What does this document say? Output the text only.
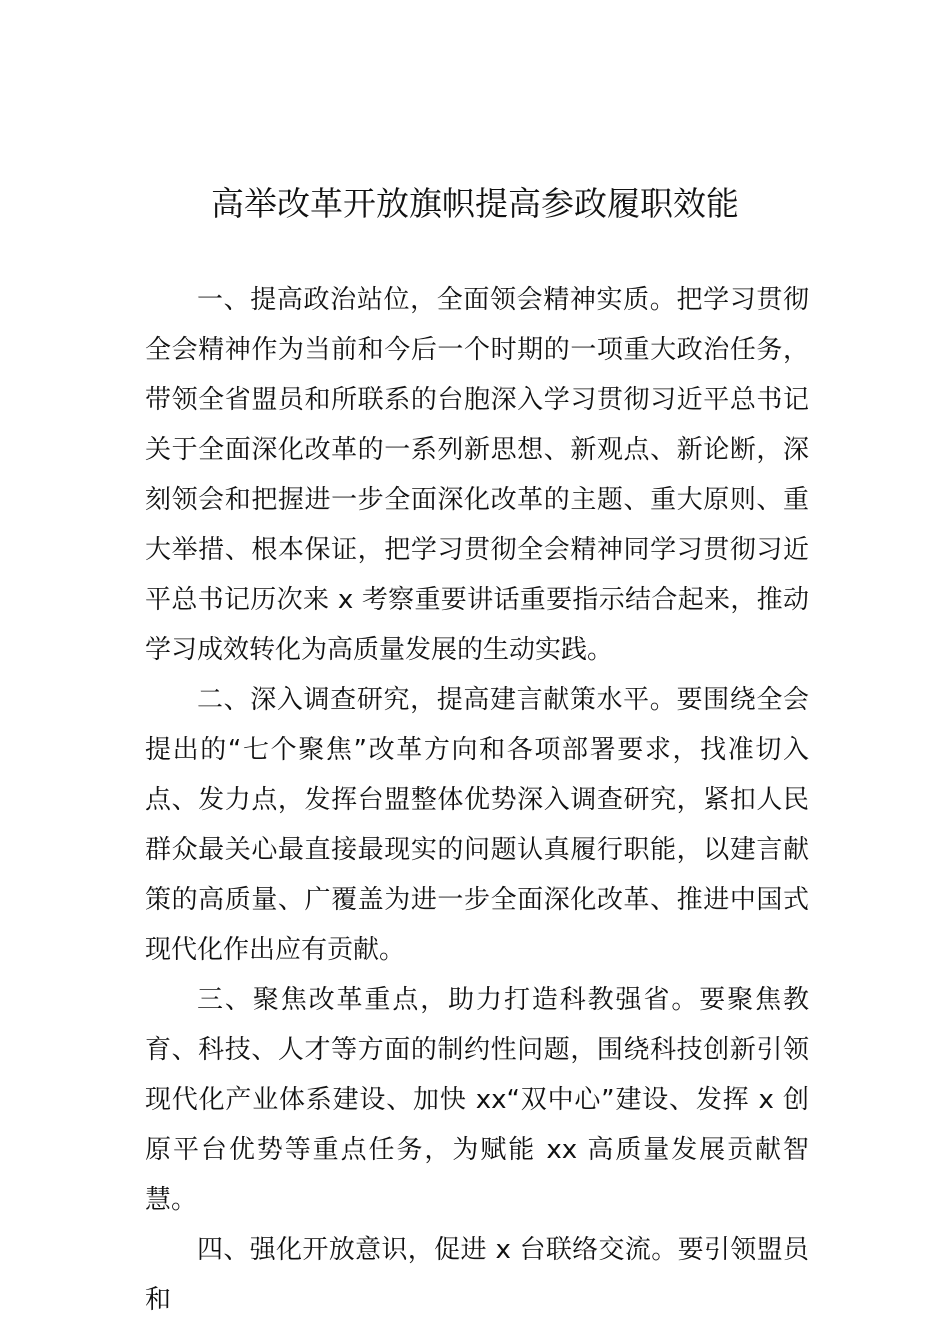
高举改革开放旗帜提高参政履职效能

一、提高政治站位，全面领会精神实质。把学习贯彻全会精神作为当前和今后一个时期的一项重大政治任务，带领全省盟员和所联系的台胞深入学习贯彻习近平总书记关于全面深化改革的一系列新思想、新观点、新论断，深刻领会和把握进一步全面深化改革的主题、重大原则、重大举措、根本保证，把学习贯彻全会精神同学习贯彻习近平总书记历次来 x 考察重要讲话重要指示结合起来，推动学习成效转化为高质量发展的生动实践。

二、深入调查研究，提高建言献策水平。要围绕全会提出的“七个聚焦”改革方向和各项部署要求，找准切入点、发力点，发挥台盟整体优势深入调查研究，紧扣人民群众最关心最直接最现实的问题认真履行职能，以建言献策的高质量、广覆盖为进一步全面深化改革、推进中国式现代化作出应有贡献。

三、聚焦改革重点，助力打造科教强省。要聚焦教育、科技、人才等方面的制约性问题，围绕科技创新引领现代化产业体系建设、加快 xx“双中心”建设、发挥 x 创原平台优势等重点任务，为赋能 xx 高质量发展贡献智慧。

四、强化开放意识，促进 x 台联络交流。要引领盟员和
